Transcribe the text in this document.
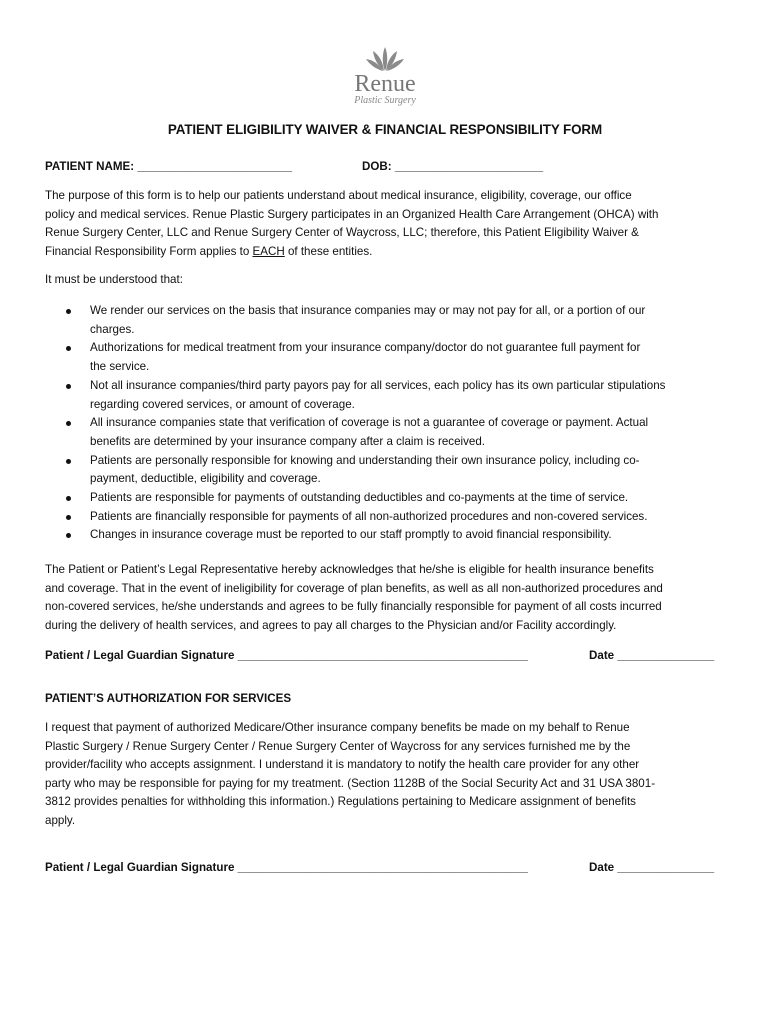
Renue
Plastic Surgery
PATIENT ELIGIBILITY WAIVER & FINANCIAL RESPONSIBILITY FORM
PATIENT NAME: ________________________	DOB: _______________________

The purpose of this form is to help our patients understand about medical insurance, eligibility, coverage, our office

policy and medical services. Renue Plastic Surgery participates in an Organized Health Care Arrangement (OHCA) with

Renue Surgery Center, LLC and Renue Surgery Center of Waycross, LLC; therefore, this Patient Eligibility Waiver &

Financial Responsibility Form applies to EACH of these entities.

It must be understood that:
We render our services on the basis that insurance companies may or may not pay for all, or a portion of our
charges.
Authorizations for medical treatment from your insurance company/doctor do not guarantee full payment for
the service.
Not all insurance companies/third party payors pay for all services, each policy has its own particular stipulations
regarding covered services, or amount of coverage.
All insurance companies state that verification of coverage is not a guarantee of coverage or payment. Actual
benefits are determined by your insurance company after a claim is received.
Patients are personally responsible for knowing and understanding their own insurance policy, including co-
payment, deductible, eligibility and coverage.
Patients are responsible for payments of outstanding deductibles and co-payments at the time of service.
Patients are financially responsible for payments of all non-authorized procedures and non-covered services.
Changes in insurance coverage must be reported to our staff promptly to avoid financial responsibility.

The Patient or Patient’s Legal Representative hereby acknowledges that he/she is eligible for health insurance benefits

and coverage. That in the event of ineligibility for coverage of plan benefits, as well as all non-authorized procedures and

non-covered services, he/she understands and agrees to be fully financially responsible for payment of all costs incurred

during the delivery of health services, and agrees to pay all charges to the Physician and/or Facility accordingly.

Patient / Legal Guardian Signature _____________________________________________	Date _______________
PATIENT’S AUTHORIZATION FOR SERVICES

I request that payment of authorized Medicare/Other insurance company benefits be made on my behalf to Renue

Plastic Surgery / Renue Surgery Center / Renue Surgery Center of Waycross for any services furnished me by the

provider/facility who accepts assignment. I understand it is mandatory to notify the health care provider for any other

party who may be responsible for paying for my treatment. (Section 1128B of the Social Security Act and 31 USA 3801-

3812 provides penalties for withholding this information.) Regulations pertaining to Medicare assignment of benefits

apply.

Patient / Legal Guardian Signature _____________________________________________	Date _______________
